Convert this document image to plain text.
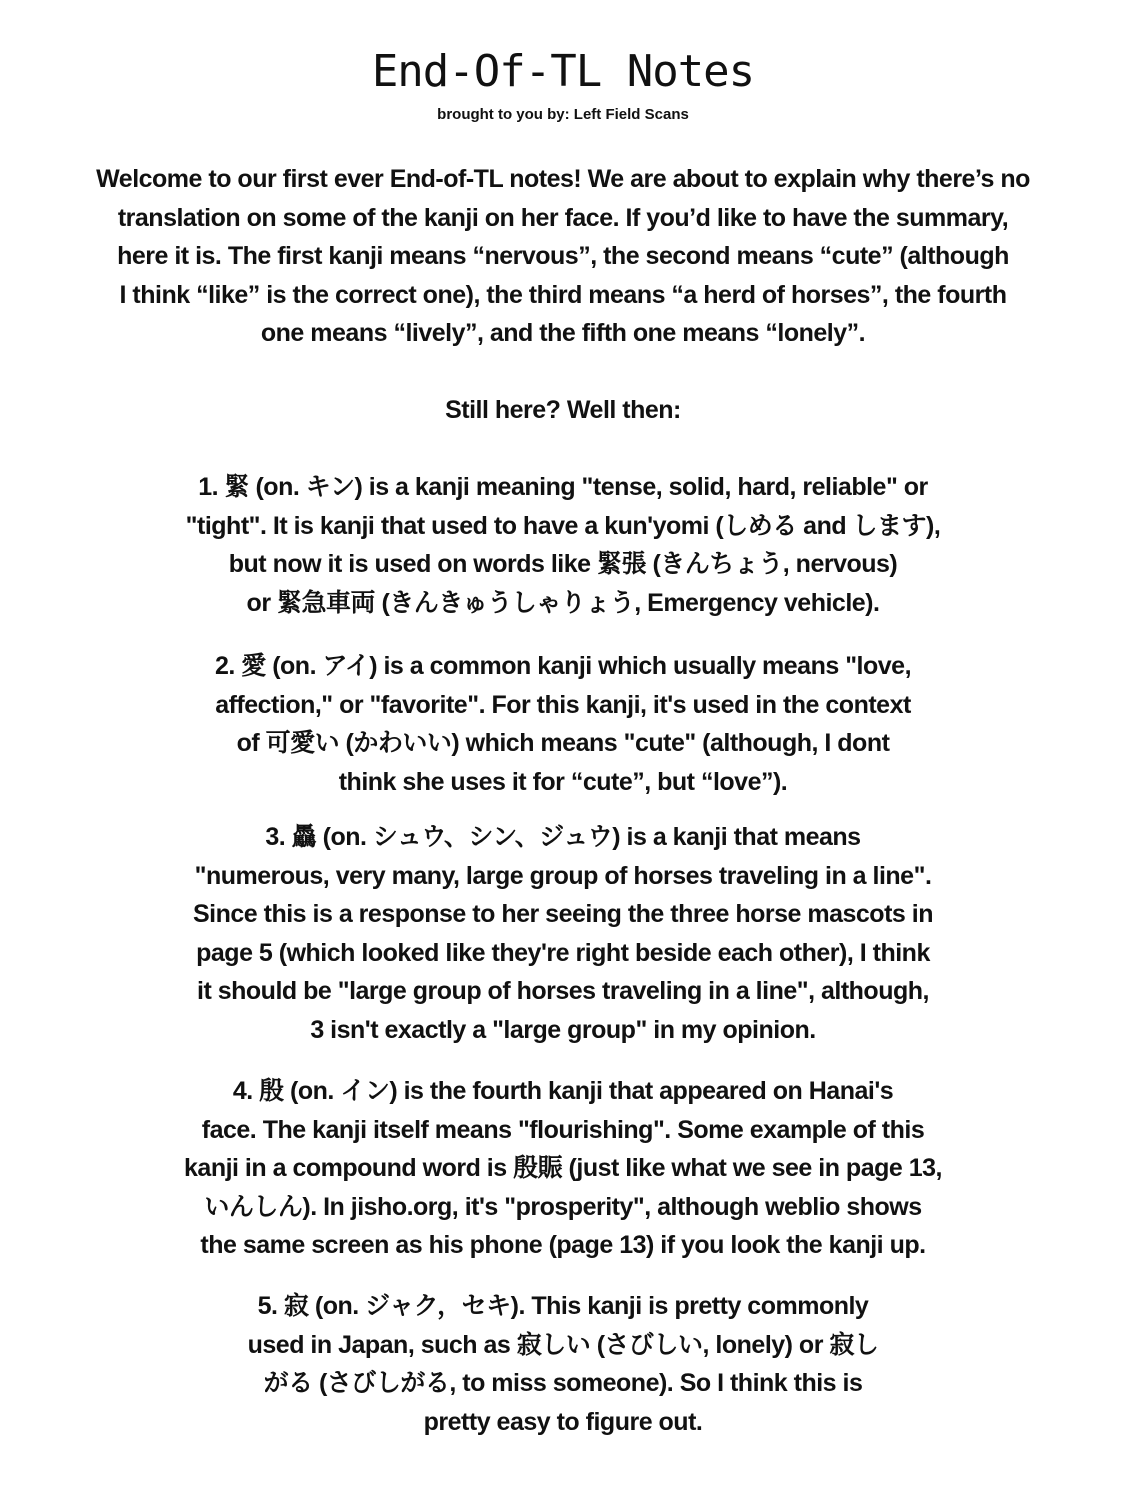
End-Of-TL Notes
brought to you by: Left Field Scans
Welcome to our first ever End-of-TL notes! We are about to explain why there’s no
translation on some of the kanji on her face. If you’d like to have the summary,
here it is. The first kanji means “nervous”, the second means “cute” (although
I think “like” is the correct one), the third means “a herd of horses”, the fourth
one means “lively”, and the fifth one means “lonely”.
Still here? Well then:
1. 緊 (on. キン) is a kanji meaning "tense, solid, hard, reliable" or
"tight". It is kanji that used to have a kun'yomi (しめる and します),
but now it is used on words like 緊張 (きんちょう, nervous)
or 緊急車両 (きんきゅうしゃりょう, Emergency vehicle).
2. 愛 (on. アイ) is a common kanji which usually means "love,
affection," or "favorite". For this kanji, it's used in the context
of 可愛い (かわいい) which means "cute" (although, I dont
think she uses it for “cute”, but “love”).
3. 驫 (on. シュウ、シン、ジュウ) is a kanji that means
"numerous, very many, large group of horses traveling in a line".
Since this is a response to her seeing the three horse mascots in
page 5 (which looked like they're right beside each other), I think
it should be "large group of horses traveling in a line", although,
3 isn't exactly a "large group" in my opinion.
4. 殷 (on. イン) is the fourth kanji that appeared on Hanai's
face. The kanji itself means "flourishing". Some example of this
kanji in a compound word is 殷賑 (just like what we see in page 13,
いんしん). In jisho.org, it's "prosperity", although weblio shows
the same screen as his phone (page 13) if you look the kanji up.
5. 寂 (on. ジャク，セキ). This kanji is pretty commonly
used in Japan, such as 寂しい (さびしい, lonely) or 寂し
がる (さびしがる, to miss someone). So I think this is
pretty easy to figure out.
